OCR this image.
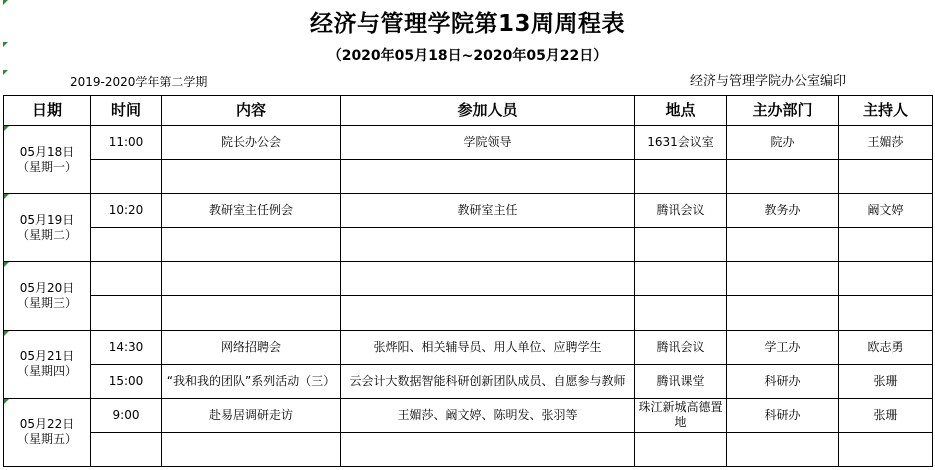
经济与管理学院第13周周程表
（2020年05月18日~2020年05月22日）
2019-2020学年第二学期	经济与管理学院办公室编印
日期	时间	内容	参加人员	地点	主办部门	主持人

05月18日
（星期一）	11:00	院长办公会	学院领导	1631会议室	院办	王媚莎

05月19日
（星期二）	10:20	教研室主任例会	教研室主任	腾讯会议	教务办	阚文婷

05月20日
（星期三）						

05月21日
（星期四）	14:30	网络招聘会	张烨阳、相关辅导员、用人单位、应聘学生	腾讯会议	学工办	欧志勇
	15:00	“我和我的团队”系列活动（三）	云会计大数据智能科研创新团队成员、自愿参与教师	腾讯课堂	科研办	张珊

05月22日
（星期五）	9:00	赴易居调研走访	王媚莎、阚文婷、陈明发、张羽等	珠江新城高德置地	科研办	张珊
